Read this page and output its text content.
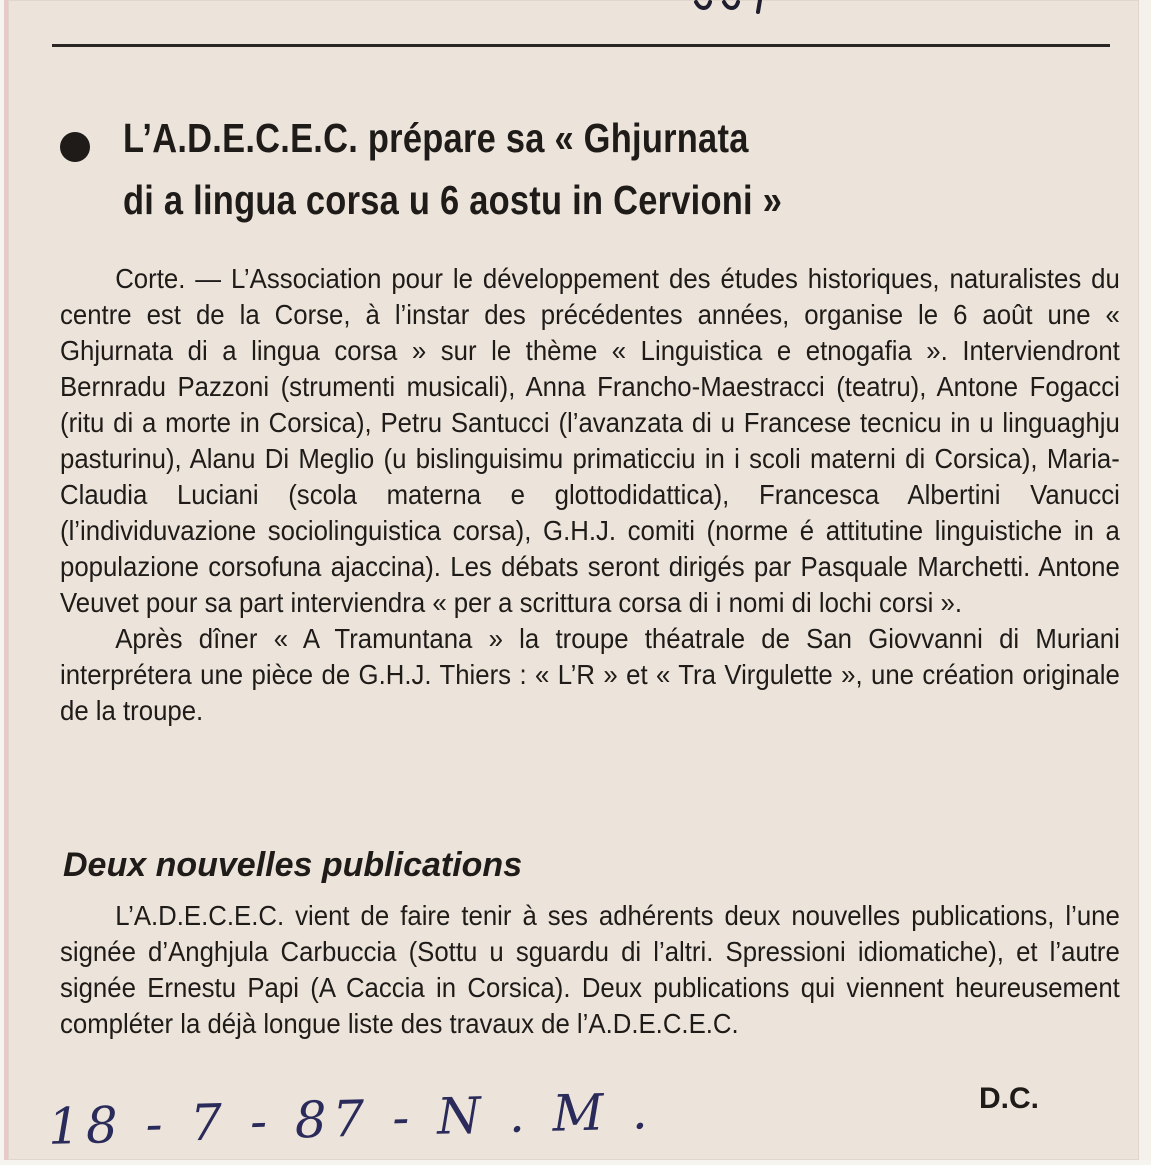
L’A.D.E.C.E.C. prépare sa « Ghjurnata
di a lingua corsa u 6 aostu in Cervioni »

Corte. — L’Association pour le développement des études historiques, naturalistes du centre est de la Corse, à l’instar des précédentes années, organise le 6 août une « Ghjurnata di a lingua corsa » sur le thème « Linguistica e etnogafia ». Interviendront Bernradu Pazzoni (strumenti musicali), Anna Francho-Maestracci (teatru), Antone Fogacci (ritu di a morte in Corsica), Petru Santucci (l’avanzata di u Francese tecnicu in u linguaghju pasturinu), Alanu Di Meglio (u bislinguisimu primaticciu in i scoli materni di Corsica), Maria-Claudia Luciani (scola materna e glottodidattica), Francesca Albertini Vanucci (l’individuvazione sociolinguistica corsa), G.H.J. comiti (norme é attitutine linguistiche in a populazione corsofuna ajaccina). Les débats seront dirigés par Pasquale Marchetti. Antone Veuvet pour sa part interviendra « per a scrittura corsa di i nomi di lochi corsi ».

Après dîner « A Tramuntana » la troupe théatrale de San Giovvanni di Muriani interprétera une pièce de G.H.J. Thiers : « L’R » et « Tra Virgulette », une création originale de la troupe.

Deux nouvelles publications

L’A.D.E.C.E.C. vient de faire tenir à ses adhérents deux nouvelles publications, l’une signée d’Anghjula Carbuccia (Sottu u sguardu di l’altri. Spressioni idiomatiche), et l’autre signée Ernestu Papi (A Caccia in Corsica). Deux publications qui viennent heureusement compléter la déjà longue liste des travaux de l’A.D.E.C.E.C.

D.C.
18 - 7 - 87 - N . M .
